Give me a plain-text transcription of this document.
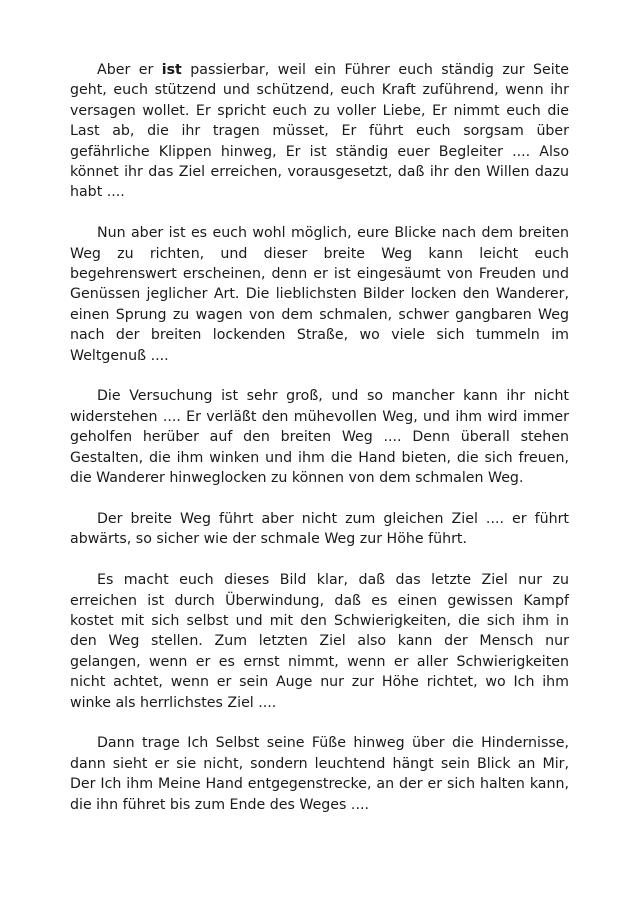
Aber er ist passierbar, weil ein Führer euch ständig zur Seite geht, euch stützend und schützend, euch Kraft zuführend, wenn ihr versagen wollet. Er spricht euch zu voller Liebe, Er nimmt euch die Last ab, die ihr tragen müsset, Er führt euch sorgsam über gefährliche Klippen hinweg, Er ist ständig euer Begleiter .... Also könnet ihr das Ziel erreichen, vorausgesetzt, daß ihr den Willen dazu habt ....

Nun aber ist es euch wohl möglich, eure Blicke nach dem breiten Weg zu richten, und dieser breite Weg kann leicht euch begehrenswert erscheinen, denn er ist eingesäumt von Freuden und Genüssen jeglicher Art. Die lieblichsten Bilder locken den Wanderer, einen Sprung zu wagen von dem schmalen, schwer gangbaren Weg nach der breiten lockenden Straße, wo viele sich tummeln im Weltgenuß ....

Die Versuchung ist sehr groß, und so mancher kann ihr nicht widerstehen .... Er verläßt den mühevollen Weg, und ihm wird immer geholfen herüber auf den breiten Weg .... Denn überall stehen Gestalten, die ihm winken und ihm die Hand bieten, die sich freuen, die Wanderer hinweglocken zu können von dem schmalen Weg.

Der breite Weg führt aber nicht zum gleichen Ziel .... er führt abwärts, so sicher wie der schmale Weg zur Höhe führt.

Es macht euch dieses Bild klar, daß das letzte Ziel nur zu erreichen ist durch Überwindung, daß es einen gewissen Kampf kostet mit sich selbst und mit den Schwierigkeiten, die sich ihm in den Weg stellen. Zum letzten Ziel also kann der Mensch nur gelangen, wenn er es ernst nimmt, wenn er aller Schwierigkeiten nicht achtet, wenn er sein Auge nur zur Höhe richtet, wo Ich ihm winke als herrlichstes Ziel ....

Dann trage Ich Selbst seine Füße hinweg über die Hindernisse, dann sieht er sie nicht, sondern leuchtend hängt sein Blick an Mir, Der Ich ihm Meine Hand entgegenstrecke, an der er sich halten kann, die ihn führet bis zum Ende des Weges ....
